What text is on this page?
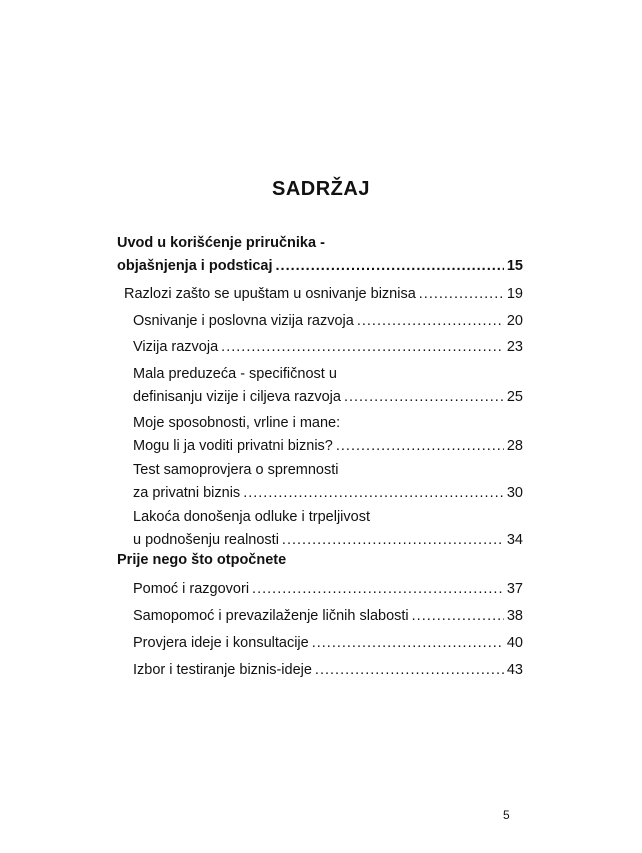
SADRŽAJ
Uvod u korišćenje priručnika -
objašnjenja i podsticaj .....	15
Razlozi zašto se upuštam u osnivanje biznisa .....	19
Osnivanje i poslovna vizija razvoja .....	20
Vizija razvoja .....	23
Mala preduzeća - specifičnost u
definisanju vizije i ciljeva razvoja .....	25
Moje sposobnosti, vrline i mane:
Mogu li ja voditi privatni biznis? .....	28
Test samoprovjera o spremnosti
za privatni biznis .....	30
Lakoća donošenja odluke i trpeljivost
u podnošenju realnosti .....	34
Prije nego što otpočnete
Pomoć i razgovori .....	37
Samopomoć i prevazilaženje ličnih slabosti .....	38
Provjera ideje i konsultacije .....	40
Izbor i testiranje biznis-ideje .....	43
5
